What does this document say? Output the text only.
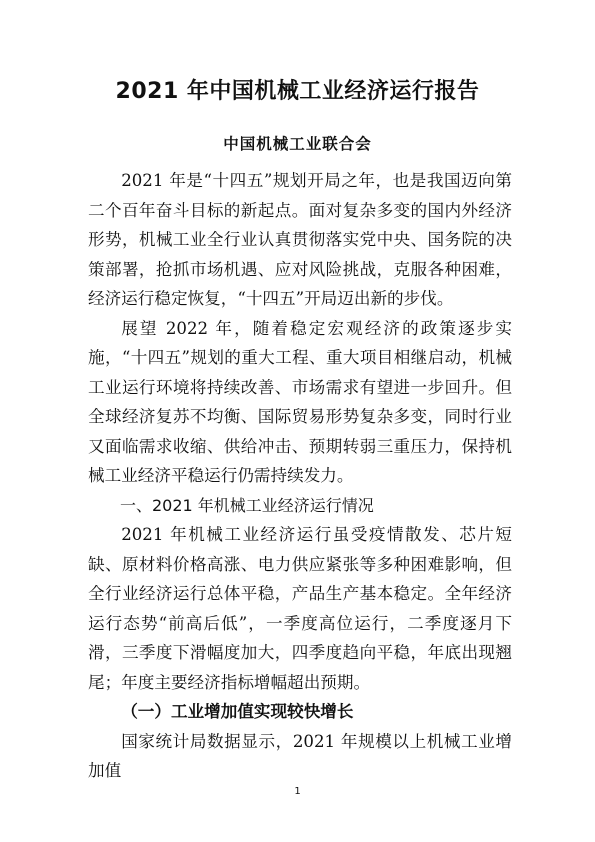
2021 年中国机械工业经济运行报告
中国机械工业联合会

2021 年是“十四五”规划开局之年，也是我国迈向第二个百年奋斗目标的新起点。面对复杂多变的国内外经济形势，机械工业全行业认真贯彻落实党中央、国务院的决策部署，抢抓市场机遇、应对风险挑战，克服各种困难，经济运行稳定恢复，“十四五”开局迈出新的步伐。

展望 2022 年，随着稳定宏观经济的政策逐步实施，“十四五”规划的重大工程、重大项目相继启动，机械工业运行环境将持续改善、市场需求有望进一步回升。但全球经济复苏不均衡、国际贸易形势复杂多变，同时行业又面临需求收缩、供给冲击、预期转弱三重压力，保持机械工业经济平稳运行仍需持续发力。

一、2021 年机械工业经济运行情况

2021 年机械工业经济运行虽受疫情散发、芯片短缺、原材料价格高涨、电力供应紧张等多种困难影响，但全行业经济运行总体平稳，产品生产基本稳定。全年经济运行态势“前高后低”，一季度高位运行，二季度逐月下滑，三季度下滑幅度加大，四季度趋向平稳，年底出现翘尾；年度主要经济指标增幅超出预期。

（一）工业增加值实现较快增长

国家统计局数据显示，2021 年规模以上机械工业增加值

1
